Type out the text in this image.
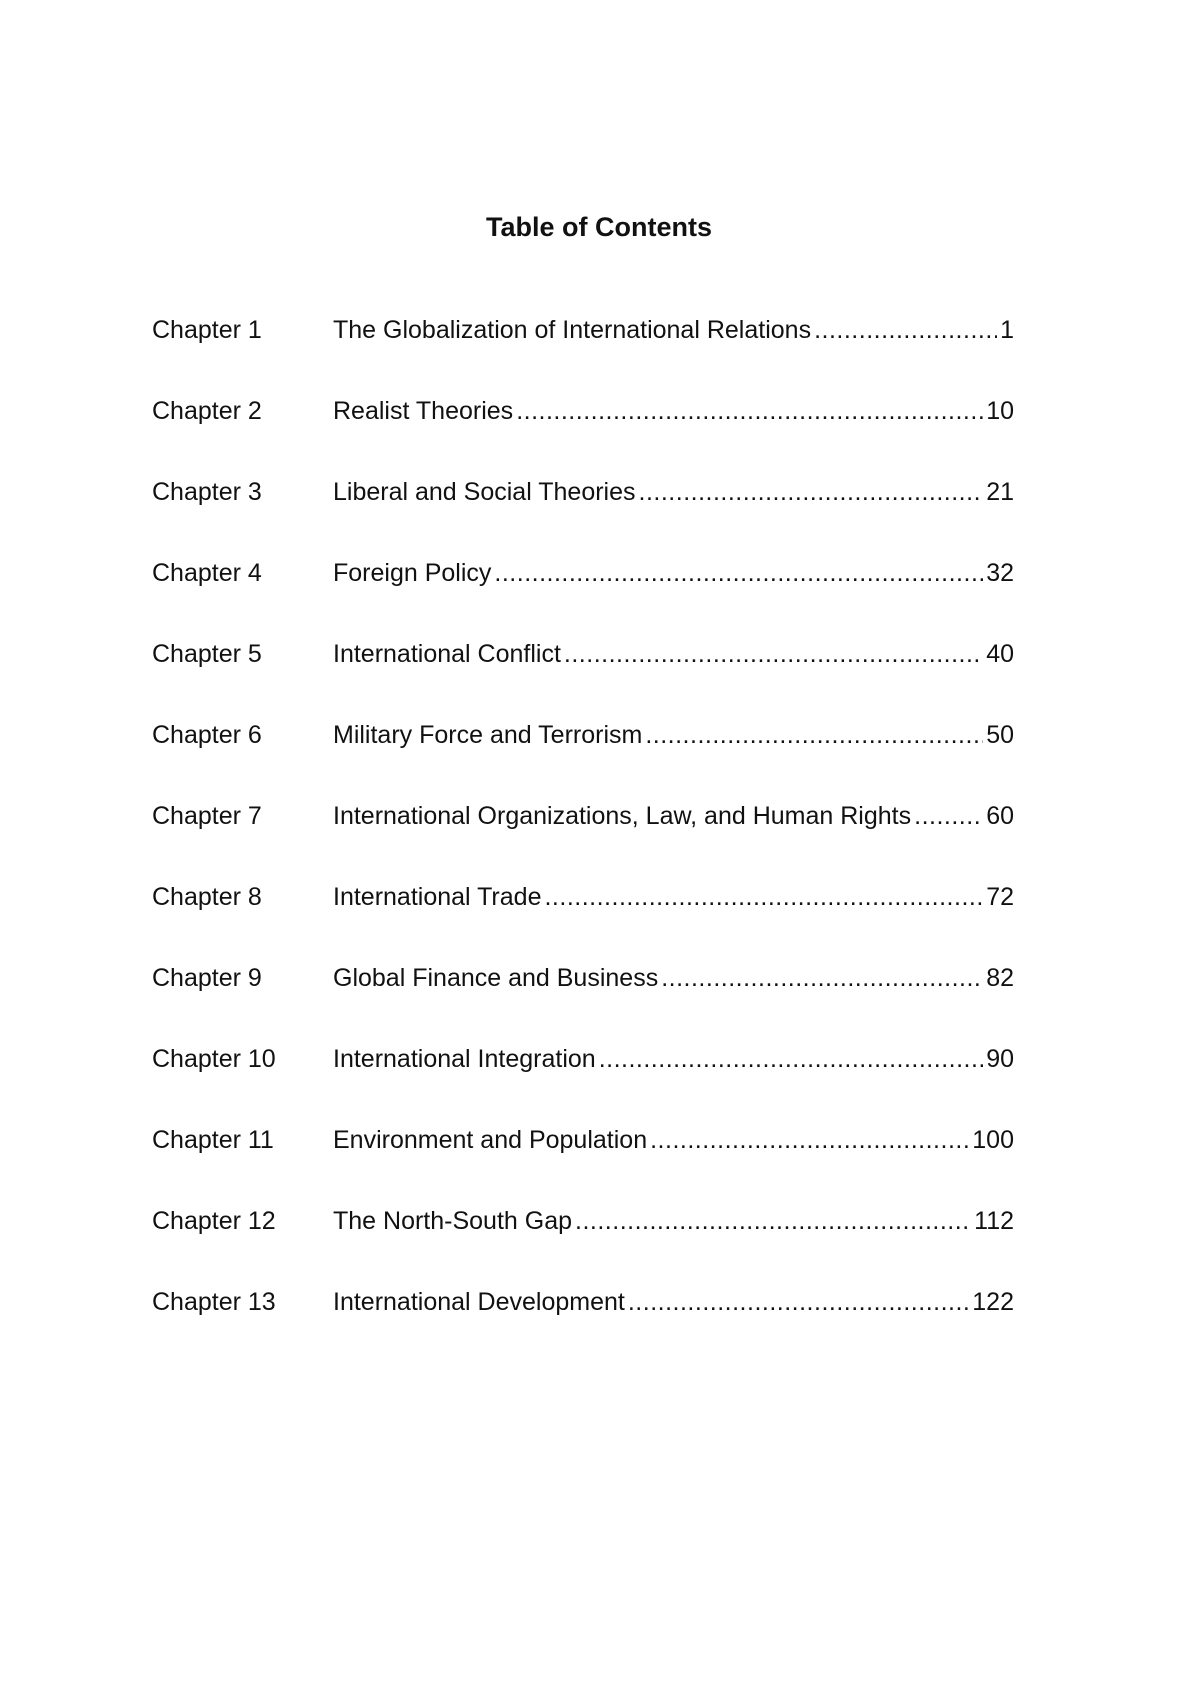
Table of Contents
Chapter 1	The Globalization of International Relations .....	1
Chapter 2	Realist Theories .....	10
Chapter 3	Liberal and Social Theories .....	21
Chapter 4	Foreign Policy .....	32
Chapter 5	International Conflict .....	40
Chapter 6	Military Force and Terrorism .....	50
Chapter 7	International Organizations, Law, and Human Rights .....	60
Chapter 8	International Trade .....	72
Chapter 9	Global Finance and Business .....	82
Chapter 10 International Integration .....	90
Chapter 11 Environment and Population .....	100
Chapter 12 The North-South Gap .....	112
Chapter 13 International Development .....	122
